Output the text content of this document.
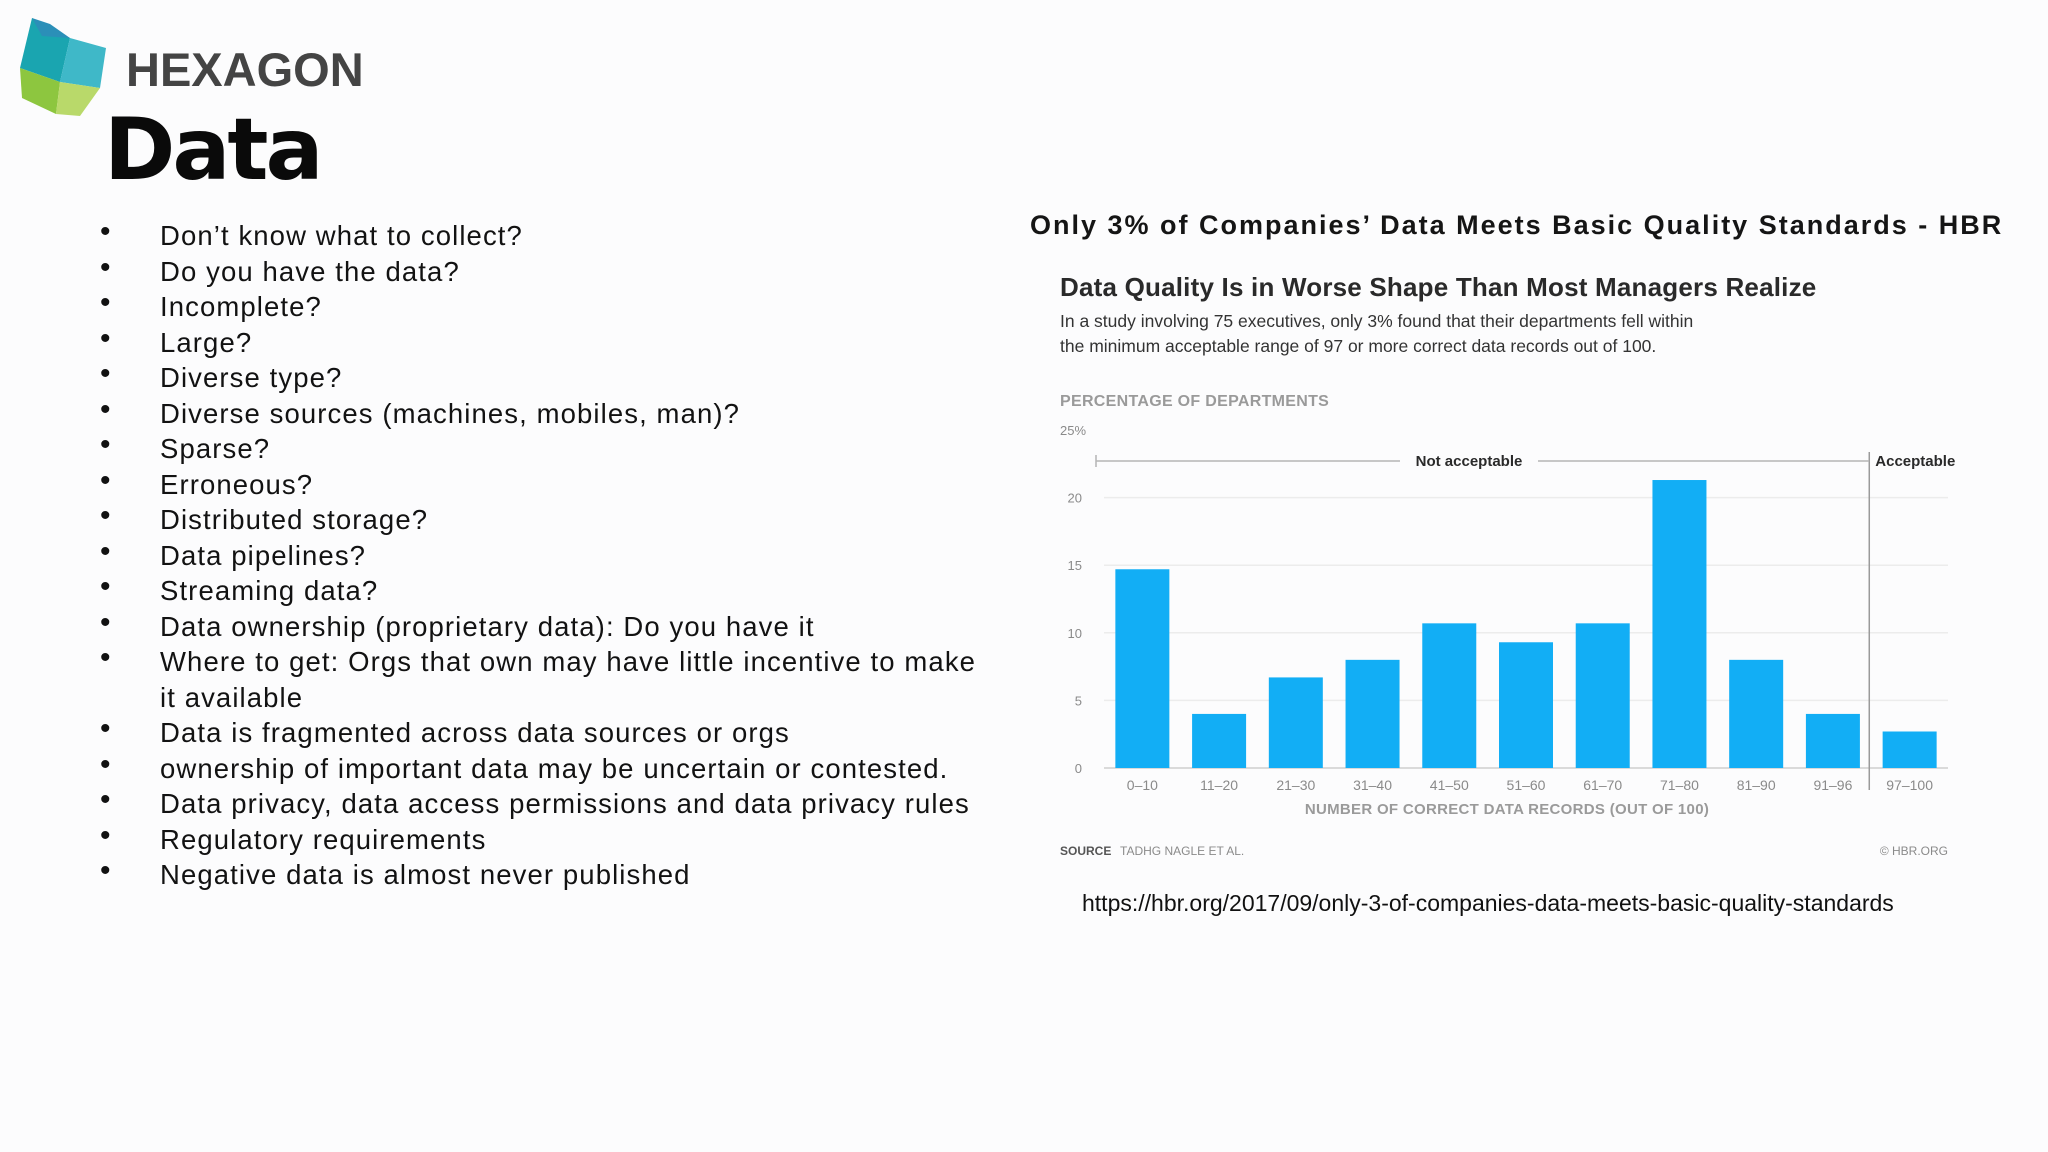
HEXAGON
Data
• Don’t know what to collect?
• Do you have the data?
• Incomplete?
• Large?
• Diverse type?
• Diverse sources (machines, mobiles, man)?
• Sparse?
• Erroneous?
• Distributed storage?
• Data pipelines?
• Streaming data?
• Data ownership (proprietary data): Do you have it
• Where to get: Orgs that own may have little incentive to make it available
• Data is fragmented across data sources or orgs
• ownership of important data may be uncertain or contested.
• Data privacy, data access permissions and data privacy rules
• Regulatory requirements
• Negative data is almost never published
Only 3% of Companies’ Data Meets Basic Quality Standards - HBR
PERCENTAGE OF DEPARTMENTS
0
5
10
15
20
25%
0–10	11–20	21–30	31–40	41–50	51–60	61–70	71–80	81–90	91–96 97–100
Not acceptable	Acceptable
NUMBER OF CORRECT DATA RECORDS (OUT OF 100)
SOURCE TADHG NAGLE ET AL.	© HBR.ORG
Data Quality Is in Worse Shape Than Most Managers Realize
In a study involving 75 executives, only 3% found that their departments fell within
the minimum acceptable range of 97 or more correct data records out of 100.
https://hbr.org/2017/09/only-3-of-companies-data-meets-basic-quality-standards
